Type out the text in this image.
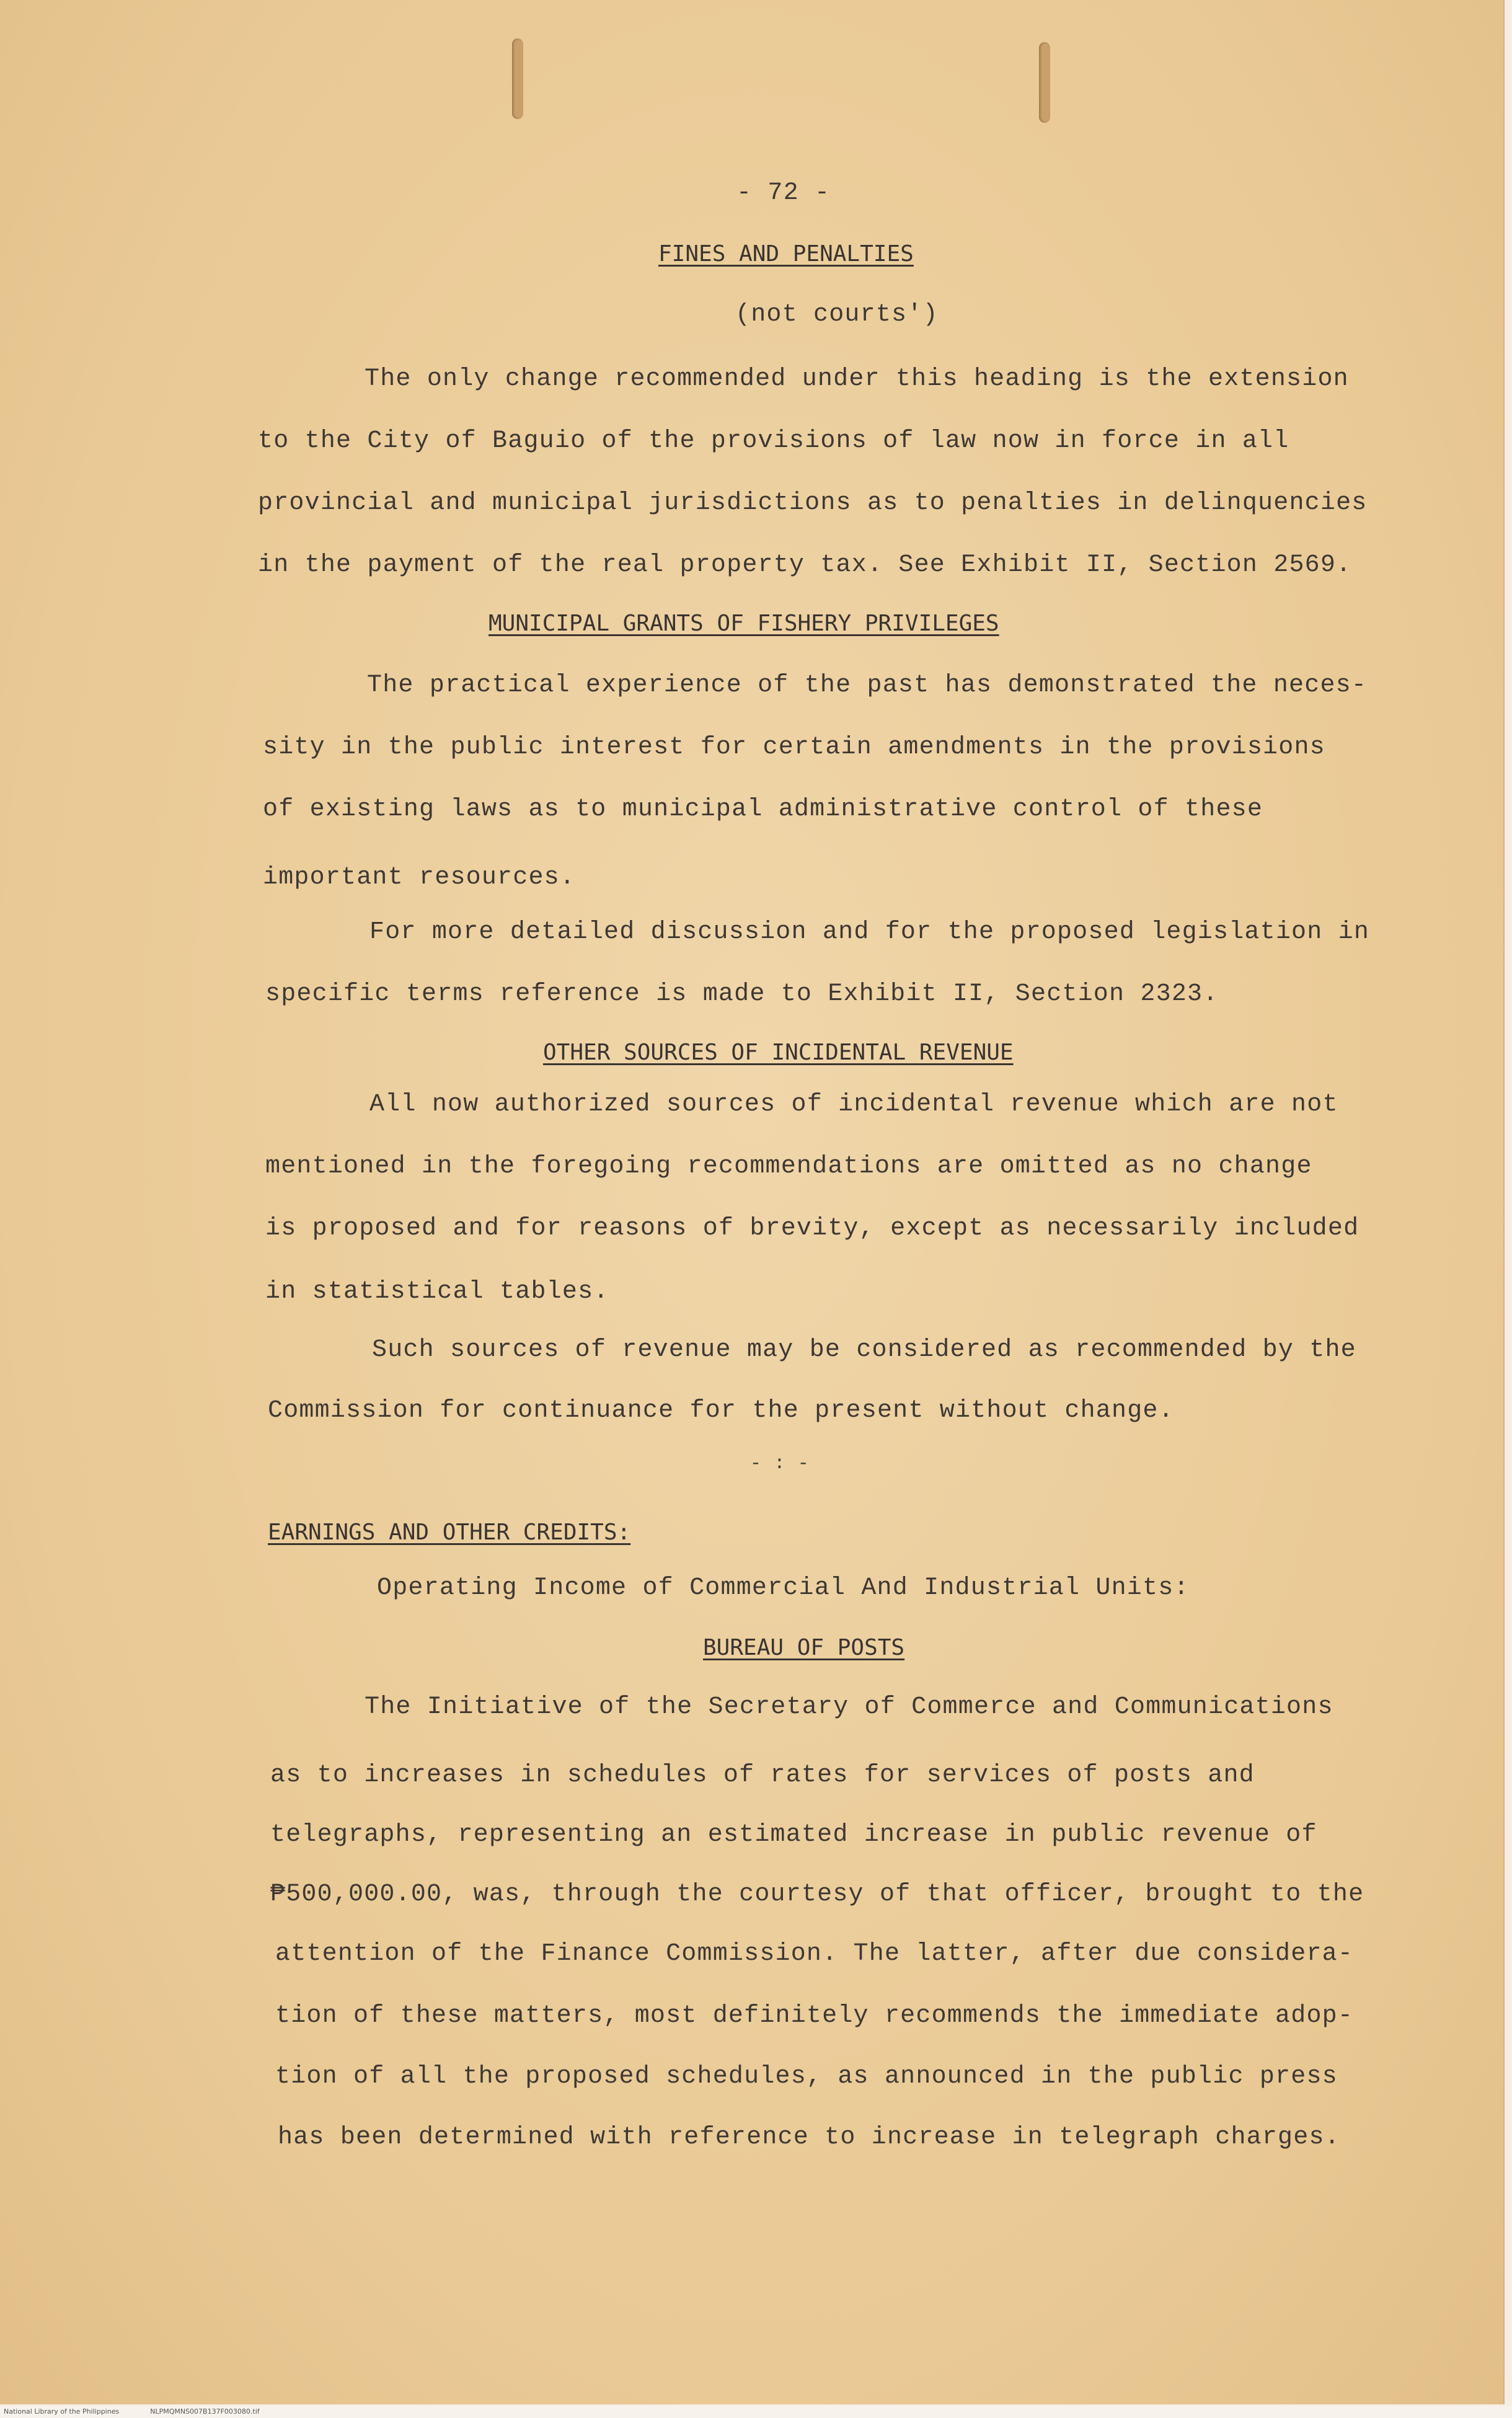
- 72 -
FINES AND PENALTIES
(not courts')
The only change recommended under this heading is the extension
to the City of Baguio of the provisions of law now in force in all
provincial and municipal jurisdictions as to penalties in delinquencies
in the payment of the real property tax. See Exhibit II, Section 2569.
MUNICIPAL GRANTS OF FISHERY PRIVILEGES
The practical experience of the past has demonstrated the neces-
sity in the public interest for certain amendments in the provisions
of existing laws as to municipal administrative control of these
important resources.
For more detailed discussion and for the proposed legislation in
specific terms reference is made to Exhibit II, Section 2323.
OTHER SOURCES OF INCIDENTAL REVENUE
All now authorized sources of incidental revenue which are not
mentioned in the foregoing recommendations are omitted as no change
is proposed and for reasons of brevity, except as necessarily included
in statistical tables.
Such sources of revenue may be considered as recommended by the
Commission for continuance for the present without change.
- : -
EARNINGS AND OTHER CREDITS:
Operating Income of Commercial And Industrial Units:
BUREAU OF POSTS
The Initiative of the Secretary of Commerce and Communications
as to increases in schedules of rates for services of posts and
telegraphs, representing an estimated increase in public revenue of
₱500,000.00, was, through the courtesy of that officer, brought to the
attention of the Finance Commission. The latter, after due considera-
tion of these matters, most definitely recommends the immediate adop-
tion of all the proposed schedules, as announced in the public press
has been determined with reference to increase in telegraph charges.
National Library of the Philippines	NLPMQMNS007B137F003080.tif
